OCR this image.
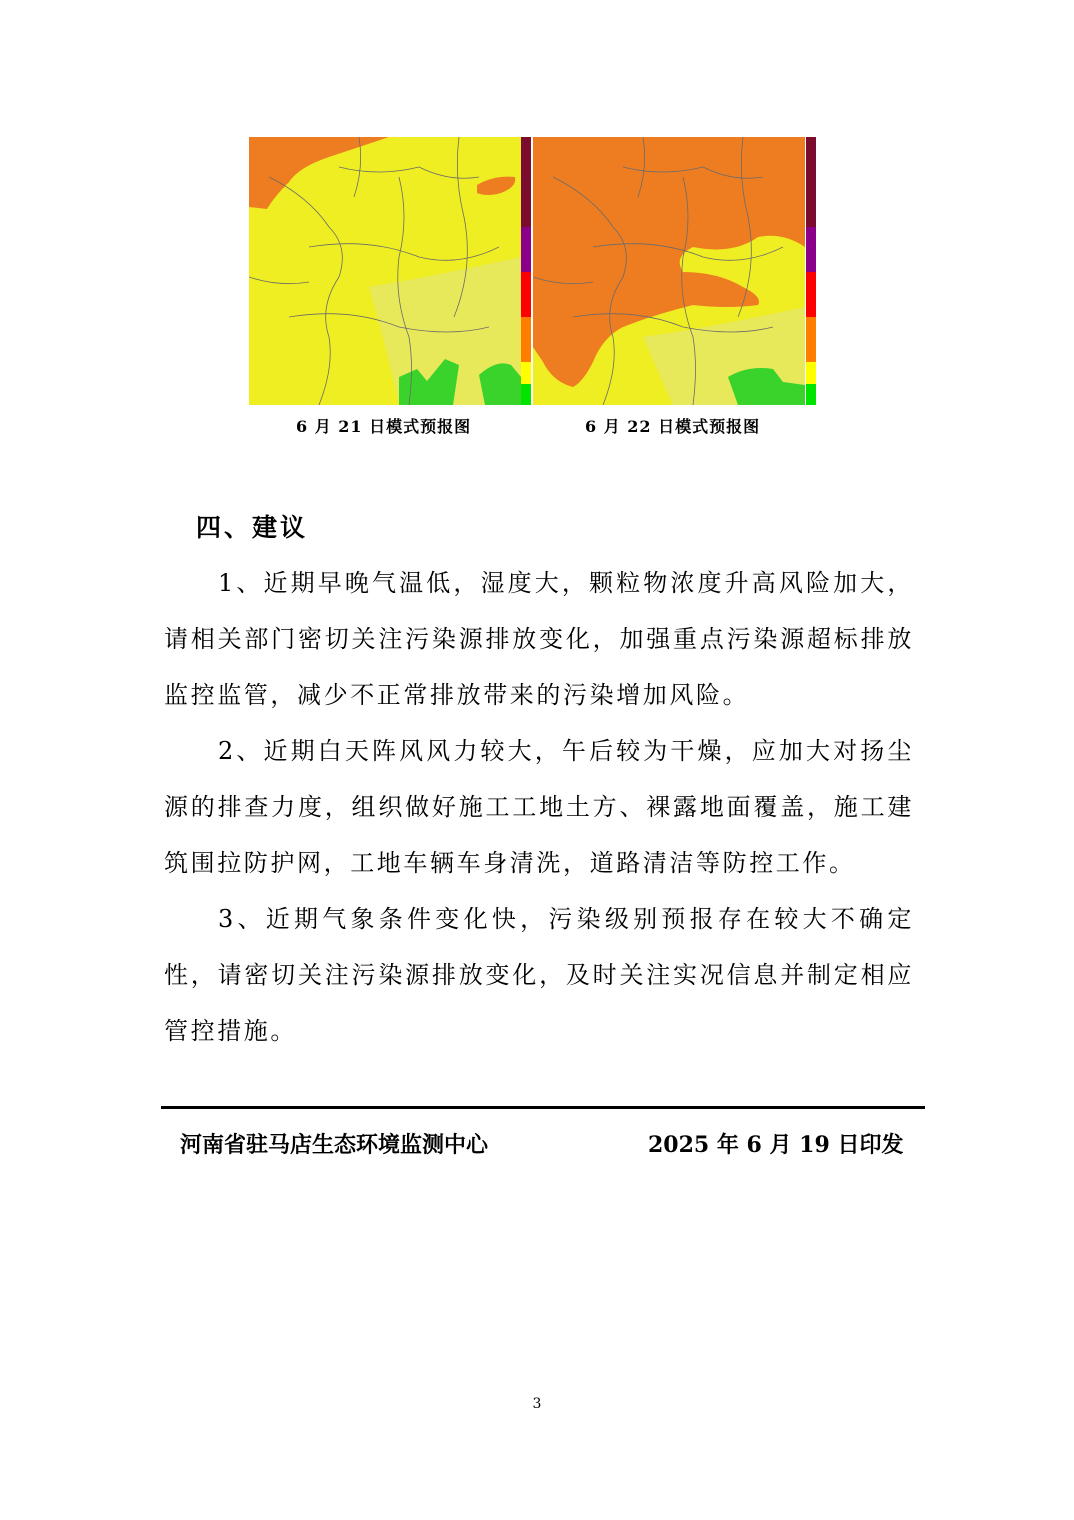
6 月 21 日模式预报图	6 月 22 日模式预报图
四、建议
1、近期早晚气温低，湿度大，颗粒物浓度升高风险加大，请相关部门密切关注污染源排放变化，加强重点污染源超标排放监控监管，减少不正常排放带来的污染增加风险。
2、近期白天阵风风力较大，午后较为干燥，应加大对扬尘源的排查力度，组织做好施工工地土方、裸露地面覆盖，施工建筑围拉防护网，工地车辆车身清洗，道路清洁等防控工作。
3、近期气象条件变化快，污染级别预报存在较大不确定性，请密切关注污染源排放变化，及时关注实况信息并制定相应管控措施。
河南省驻马店生态环境监测中心	2025 年 6 月 19 日印发
3
